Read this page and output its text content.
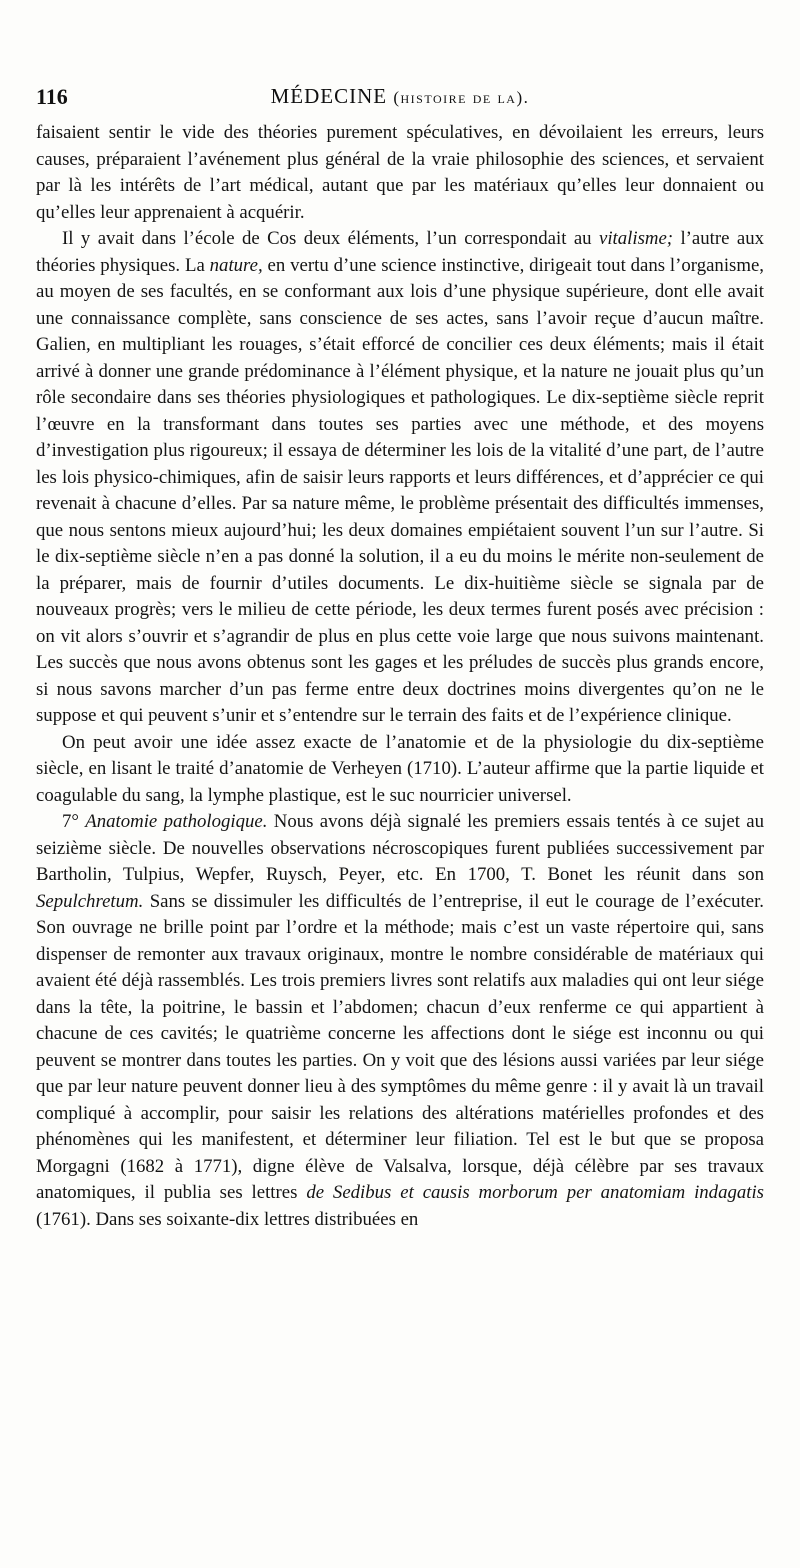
116	MÉDECINE (histoire de la).

faisaient sentir le vide des théories purement spéculatives, en dévoilaient les erreurs, leurs causes, préparaient l’avénement plus général de la vraie philosophie des sciences, et servaient par là les intérêts de l’art médical, autant que par les matériaux qu’elles leur donnaient ou qu’elles leur apprenaient à acquérir.

Il y avait dans l’école de Cos deux éléments, l’un correspondait au vitalisme; l’autre aux théories physiques. La nature, en vertu d’une science instinctive, dirigeait tout dans l’organisme, au moyen de ses facultés, en se conformant aux lois d’une physique supérieure, dont elle avait une connaissance complète, sans conscience de ses actes, sans l’avoir reçue d’aucun maître. Galien, en multipliant les rouages, s’était efforcé de concilier ces deux éléments; mais il était arrivé à donner une grande prédominance à l’élément physique, et la nature ne jouait plus qu’un rôle secondaire dans ses théories physiologiques et pathologiques. Le dix-septième siècle reprit l’œuvre en la transformant dans toutes ses parties avec une méthode, et des moyens d’investigation plus rigoureux; il essaya de déterminer les lois de la vitalité d’une part, de l’autre les lois physico-chimiques, afin de saisir leurs rapports et leurs différences, et d’apprécier ce qui revenait à chacune d’elles. Par sa nature même, le problème présentait des difficultés immenses, que nous sentons mieux aujourd’hui; les deux domaines empiétaient souvent l’un sur l’autre. Si le dix-septième siècle n’en a pas donné la solution, il a eu du moins le mérite non-seulement de la préparer, mais de fournir d’utiles documents. Le dix-huitième siècle se signala par de nouveaux progrès; vers le milieu de cette période, les deux termes furent posés avec précision : on vit alors s’ouvrir et s’agrandir de plus en plus cette voie large que nous suivons maintenant. Les succès que nous avons obtenus sont les gages et les préludes de succès plus grands encore, si nous savons marcher d’un pas ferme entre deux doctrines moins divergentes qu’on ne le suppose et qui peuvent s’unir et s’entendre sur le terrain des faits et de l’expérience clinique.

On peut avoir une idée assez exacte de l’anatomie et de la physiologie du dix-septième siècle, en lisant le traité d’anatomie de Verheyen (1710). L’auteur affirme que la partie liquide et coagulable du sang, la lymphe plastique, est le suc nourricier universel.

7° Anatomie pathologique. Nous avons déjà signalé les premiers essais tentés à ce sujet au seizième siècle. De nouvelles observations nécroscopiques furent publiées successivement par Bartholin, Tulpius, Wepfer, Ruysch, Peyer, etc. En 1700, T. Bonet les réunit dans son Sepulchretum. Sans se dissimuler les difficultés de l’entreprise, il eut le courage de l’exécuter. Son ouvrage ne brille point par l’ordre et la méthode; mais c’est un vaste répertoire qui, sans dispenser de remonter aux travaux originaux, montre le nombre considérable de matériaux qui avaient été déjà rassemblés. Les trois premiers livres sont relatifs aux maladies qui ont leur siége dans la tête, la poitrine, le bassin et l’abdomen; chacun d’eux renferme ce qui appartient à chacune de ces cavités; le quatrième concerne les affections dont le siége est inconnu ou qui peuvent se montrer dans toutes les parties. On y voit que des lésions aussi variées par leur siége que par leur nature peuvent donner lieu à des symptômes du même genre : il y avait là un travail compliqué à accomplir, pour saisir les relations des altérations matérielles profondes et des phénomènes qui les manifestent, et déterminer leur filiation. Tel est le but que se proposa Morgagni (1682 à 1771), digne élève de Valsalva, lorsque, déjà célèbre par ses travaux anatomiques, il publia ses lettres de Sedibus et causis morborum per anatomiam indagatis (1761). Dans ses soixante-dix lettres distribuées en
